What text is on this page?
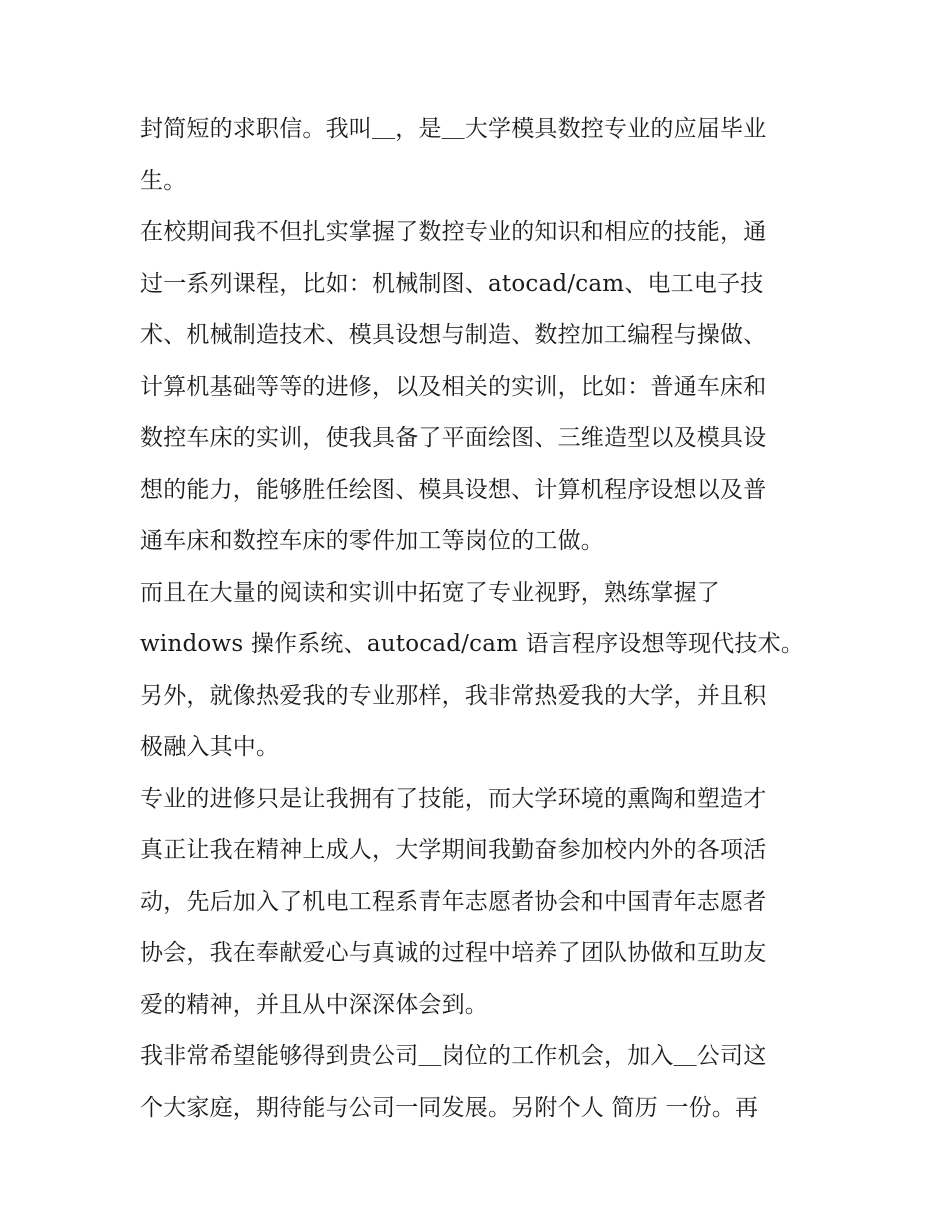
封简短的求职信。我叫＿，是＿大学模具数控专业的应届毕业
生。
在校期间我不但扎实掌握了数控专业的知识和相应的技能，通
过一系列课程，比如：机械制图、atocad/cam、电工电子技
术、机械制造技术、模具设想与制造、数控加工编程与操做、
计算机基础等等的进修，以及相关的实训，比如：普通车床和
数控车床的实训，使我具备了平面绘图、三维造型以及模具设
想的能力，能够胜任绘图、模具设想、计算机程序设想以及普
通车床和数控车床的零件加工等岗位的工做。
而且在大量的阅读和实训中拓宽了专业视野，熟练掌握了
windows 操作系统、autocad/cam 语言程序设想等现代技术。
另外，就像热爱我的专业那样，我非常热爱我的大学，并且积
极融入其中。
专业的进修只是让我拥有了技能，而大学环境的熏陶和塑造才
真正让我在精神上成人，大学期间我勤奋参加校内外的各项活
动，先后加入了机电工程系青年志愿者协会和中国青年志愿者
协会，我在奉献爱心与真诚的过程中培养了团队协做和互助友
爱的精神，并且从中深深体会到。
我非常希望能够得到贵公司＿岗位的工作机会，加入＿公司这
个大家庭，期待能与公司一同发展。另附个人 简历 一份。再
